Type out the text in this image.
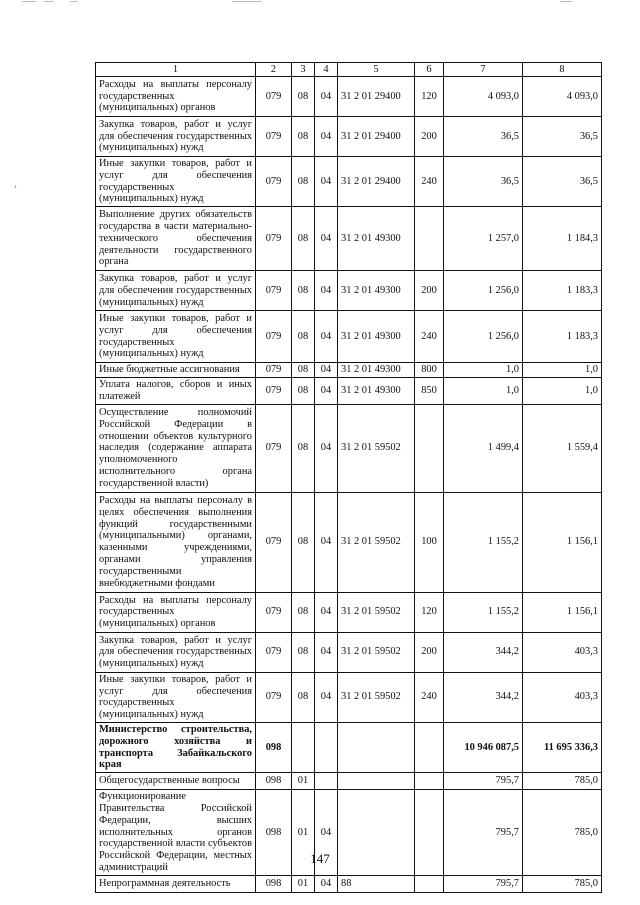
‹
1	2	3	4	5	6	7	8
Расходы на выплаты персоналу государственных (муниципальных) органов	079	08	04	31 2 01 29400	120	4 093,0	4 093,0
Закупка товаров, работ и услуг для обеспечения государственных (муниципальных) нужд	079	08	04	31 2 01 29400	200	36,5	36,5
Иные закупки товаров, работ и услуг для обеспечения государственных (муниципальных) нужд	079	08	04	31 2 01 29400	240	36,5	36,5
Выполнение других обязательств государства в части материально-технического обеспечения деятельности государственного органа	079	08	04	31 2 01 49300		1 257,0	1 184,3
Закупка товаров, работ и услуг для обеспечения государственных (муниципальных) нужд	079	08	04	31 2 01 49300	200	1 256,0	1 183,3
Иные закупки товаров, работ и услуг для обеспечения государственных (муниципальных) нужд	079	08	04	31 2 01 49300	240	1 256,0	1 183,3
Иные бюджетные ассигнования	079	08	04	31 2 01 49300	800	1,0	1,0
Уплата налогов, сборов и иных платежей	079	08	04	31 2 01 49300	850	1,0	1,0
Осуществление полномочий Российской Федерации в отношении объектов культурного наследия (содержание аппарата уполномоченного исполнительного органа государственной власти)	079	08	04	31 2 01 59502		1 499,4	1 559,4
Расходы на выплаты персоналу в целях обеспечения выполнения функций государственными (муниципальными) органами, казенными учреждениями, органами управления государственными внебюджетными фондами	079	08	04	31 2 01 59502	100	1 155,2	1 156,1
Расходы на выплаты персоналу государственных (муниципальных) органов	079	08	04	31 2 01 59502	120	1 155,2	1 156,1
Закупка товаров, работ и услуг для обеспечения государственных (муниципальных) нужд	079	08	04	31 2 01 59502	200	344,2	403,3
Иные закупки товаров, работ и услуг для обеспечения государственных (муниципальных) нужд	079	08	04	31 2 01 59502	240	344,2	403,3
Министерство строительства, дорожного хозяйства и транспорта Забайкальского края	098					10 946 087,5	11 695 336,3
Общегосударственные вопросы	098	01				795,7	785,0
Функционирование Правительства Российской Федерации, высших исполнительных органов государственной власти субъектов Российской Федерации, местных администраций	098	01	04			795,7	785,0
Непрограммная деятельность	098	01	04	88		795,7	785,0
147
